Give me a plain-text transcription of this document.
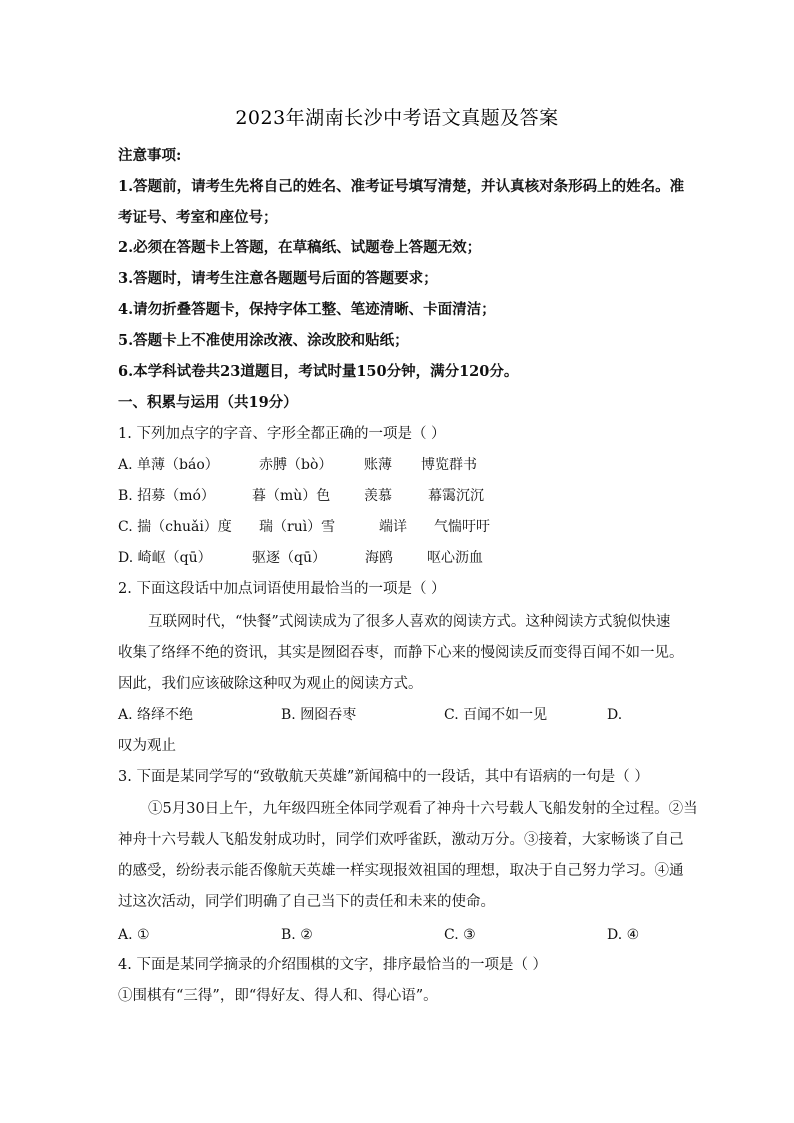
2023年湖南长沙中考语文真题及答案
注意事项:
1.答题前，请考生先将自己的姓名、准考证号填写清楚，并认真核对条形码上的姓名。准
考证号、考室和座位号；
2.必须在答题卡上答题，在草稿纸、试题卷上答题无效；
3.答题时，请考生注意各题题号后面的答题要求；
4.请勿折叠答题卡，保持字体工整、笔迹清晰、卡面清洁；
5.答题卡上不准使用涂改液、涂改胶和贴纸；
6.本学科试卷共23道题目，考试时量150分钟，满分120分。
一、积累与运用（共19分）
1. 下列加点字的字音、字形全都正确的一项是（ ）
A. 单薄（báo）	赤膊（bò） 账薄 博览群书
B. 招募（mó）	暮（mù）色 羡慕	幕霭沉沉
C. 揣（chuǎi）度 瑞（ruì）雪	端详 气惴吁吁
D. 崎岖（qū）	驱逐（qū）	海鸥 呕心沥血
2. 下面这段话中加点词语使用最恰当的一项是（ ）
互联网时代，“快餐”式阅读成为了很多人喜欢的阅读方式。这种阅读方式貌似快速
收集了络绎不绝的资讯，其实是囫囵吞枣，而静下心来的慢阅读反而变得百闻不如一见。
因此，我们应该破除这种叹为观止的阅读方式。
A. 络绎不绝	B. 囫囵吞枣	C. 百闻不如一见	D.
叹为观止
3. 下面是某同学写的“致敬航天英雄”新闻稿中的一段话，其中有语病的一句是（ ）
①5月30日上午，九年级四班全体同学观看了神舟十六号载人飞船发射的全过程。②当
神舟十六号载人飞船发射成功时，同学们欢呼雀跃，激动万分。③接着，大家畅谈了自己
的感受，纷纷表示能否像航天英雄一样实现报效祖国的理想，取决于自己努力学习。④通
过这次活动，同学们明确了自己当下的责任和未来的使命。
A. ①	B. ②	C. ③	D. ④
4. 下面是某同学摘录的介绍围棋的文字，排序最恰当的一项是（ ）
①围棋有“三得”，即“得好友、得人和、得心语”。
